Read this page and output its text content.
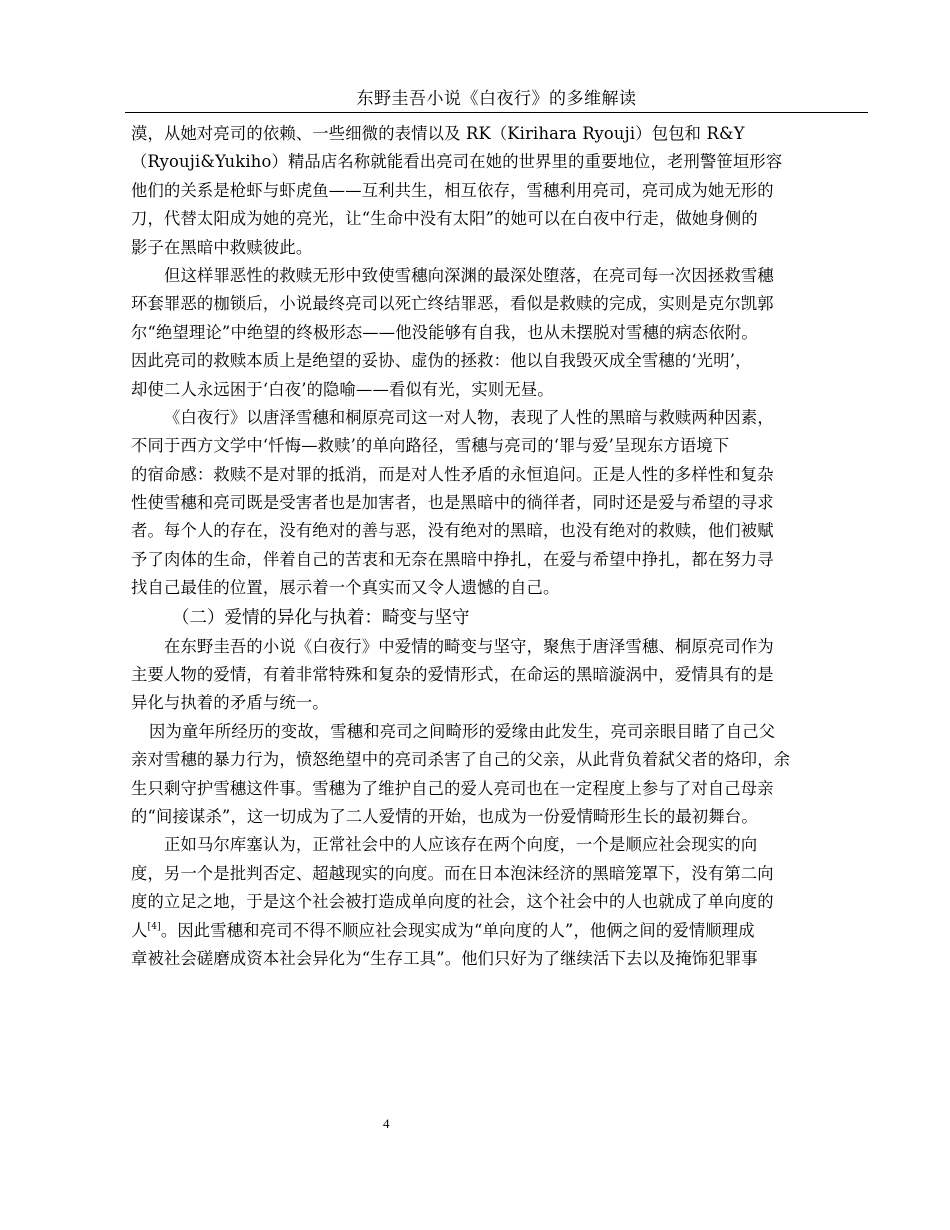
东野圭吾小说《白夜行》的多维解读
漠，从她对亮司的依赖、一些细微的表情以及 RK（Kirihara Ryouji）包包和 R&Y
（Ryouji&Yukiho）精品店名称就能看出亮司在她的世界里的重要地位，老刑警笹垣形容
他们的关系是枪虾与虾虎鱼——互利共生，相互依存，雪穗利用亮司，亮司成为她无形的
刀，代替太阳成为她的亮光，让“生命中没有太阳”的她可以在白夜中行走，做她身侧的
影子在黑暗中救赎彼此。
但这样罪恶性的救赎无形中致使雪穗向深渊的最深处堕落，在亮司每一次因拯救雪穗
环套罪恶的枷锁后，小说最终亮司以死亡终结罪恶，看似是救赎的完成，实则是克尔凯郭
尔“绝望理论”中绝望的终极形态——他没能够有自我，也从未摆脱对雪穗的病态依附。
因此亮司的救赎本质上是绝望的妥协、虚伪的拯救：他以自我毁灭成全雪穗的‘光明’，
却使二人永远困于‘白夜’的隐喻——看似有光，实则无昼。
《白夜行》以唐泽雪穗和桐原亮司这一对人物，表现了人性的黑暗与救赎两种因素，
不同于西方文学中‘忏悔—救赎’的单向路径，雪穗与亮司的‘罪与爱’呈现东方语境下
的宿命感：救赎不是对罪的抵消，而是对人性矛盾的永恒追问。正是人性的多样性和复杂
性使雪穗和亮司既是受害者也是加害者，也是黑暗中的徜徉者，同时还是爱与希望的寻求
者。每个人的存在，没有绝对的善与恶，没有绝对的黑暗，也没有绝对的救赎，他们被赋
予了肉体的生命，伴着自己的苦衷和无奈在黑暗中挣扎，在爱与希望中挣扎，都在努力寻
找自己最佳的位置，展示着一个真实而又令人遗憾的自己。
（二）爱情的异化与执着：畸变与坚守
在东野圭吾的小说《白夜行》中爱情的畸变与坚守，聚焦于唐泽雪穗、桐原亮司作为
主要人物的爱情，有着非常特殊和复杂的爱情形式，在命运的黑暗漩涡中，爱情具有的是
异化与执着的矛盾与统一。
因为童年所经历的变故，雪穗和亮司之间畸形的爱缘由此发生，亮司亲眼目睹了自己父
亲对雪穗的暴力行为，愤怒绝望中的亮司杀害了自己的父亲，从此背负着弑父者的烙印，余
生只剩守护雪穗这件事。雪穗为了维护自己的爱人亮司也在一定程度上参与了对自己母亲
的“间接谋杀”，这一切成为了二人爱情的开始，也成为一份爱情畸形生长的最初舞台。
正如马尔库塞认为，正常社会中的人应该存在两个向度，一个是顺应社会现实的向
度，另一个是批判否定、超越现实的向度。而在日本泡沫经济的黑暗笼罩下，没有第二向
度的立足之地，于是这个社会被打造成单向度的社会，这个社会中的人也就成了单向度的
人[4]。因此雪穗和亮司不得不顺应社会现实成为“单向度的人”，他俩之间的爱情顺理成
章被社会磋磨成资本社会异化为“生存工具”。他们只好为了继续活下去以及掩饰犯罪事
4
